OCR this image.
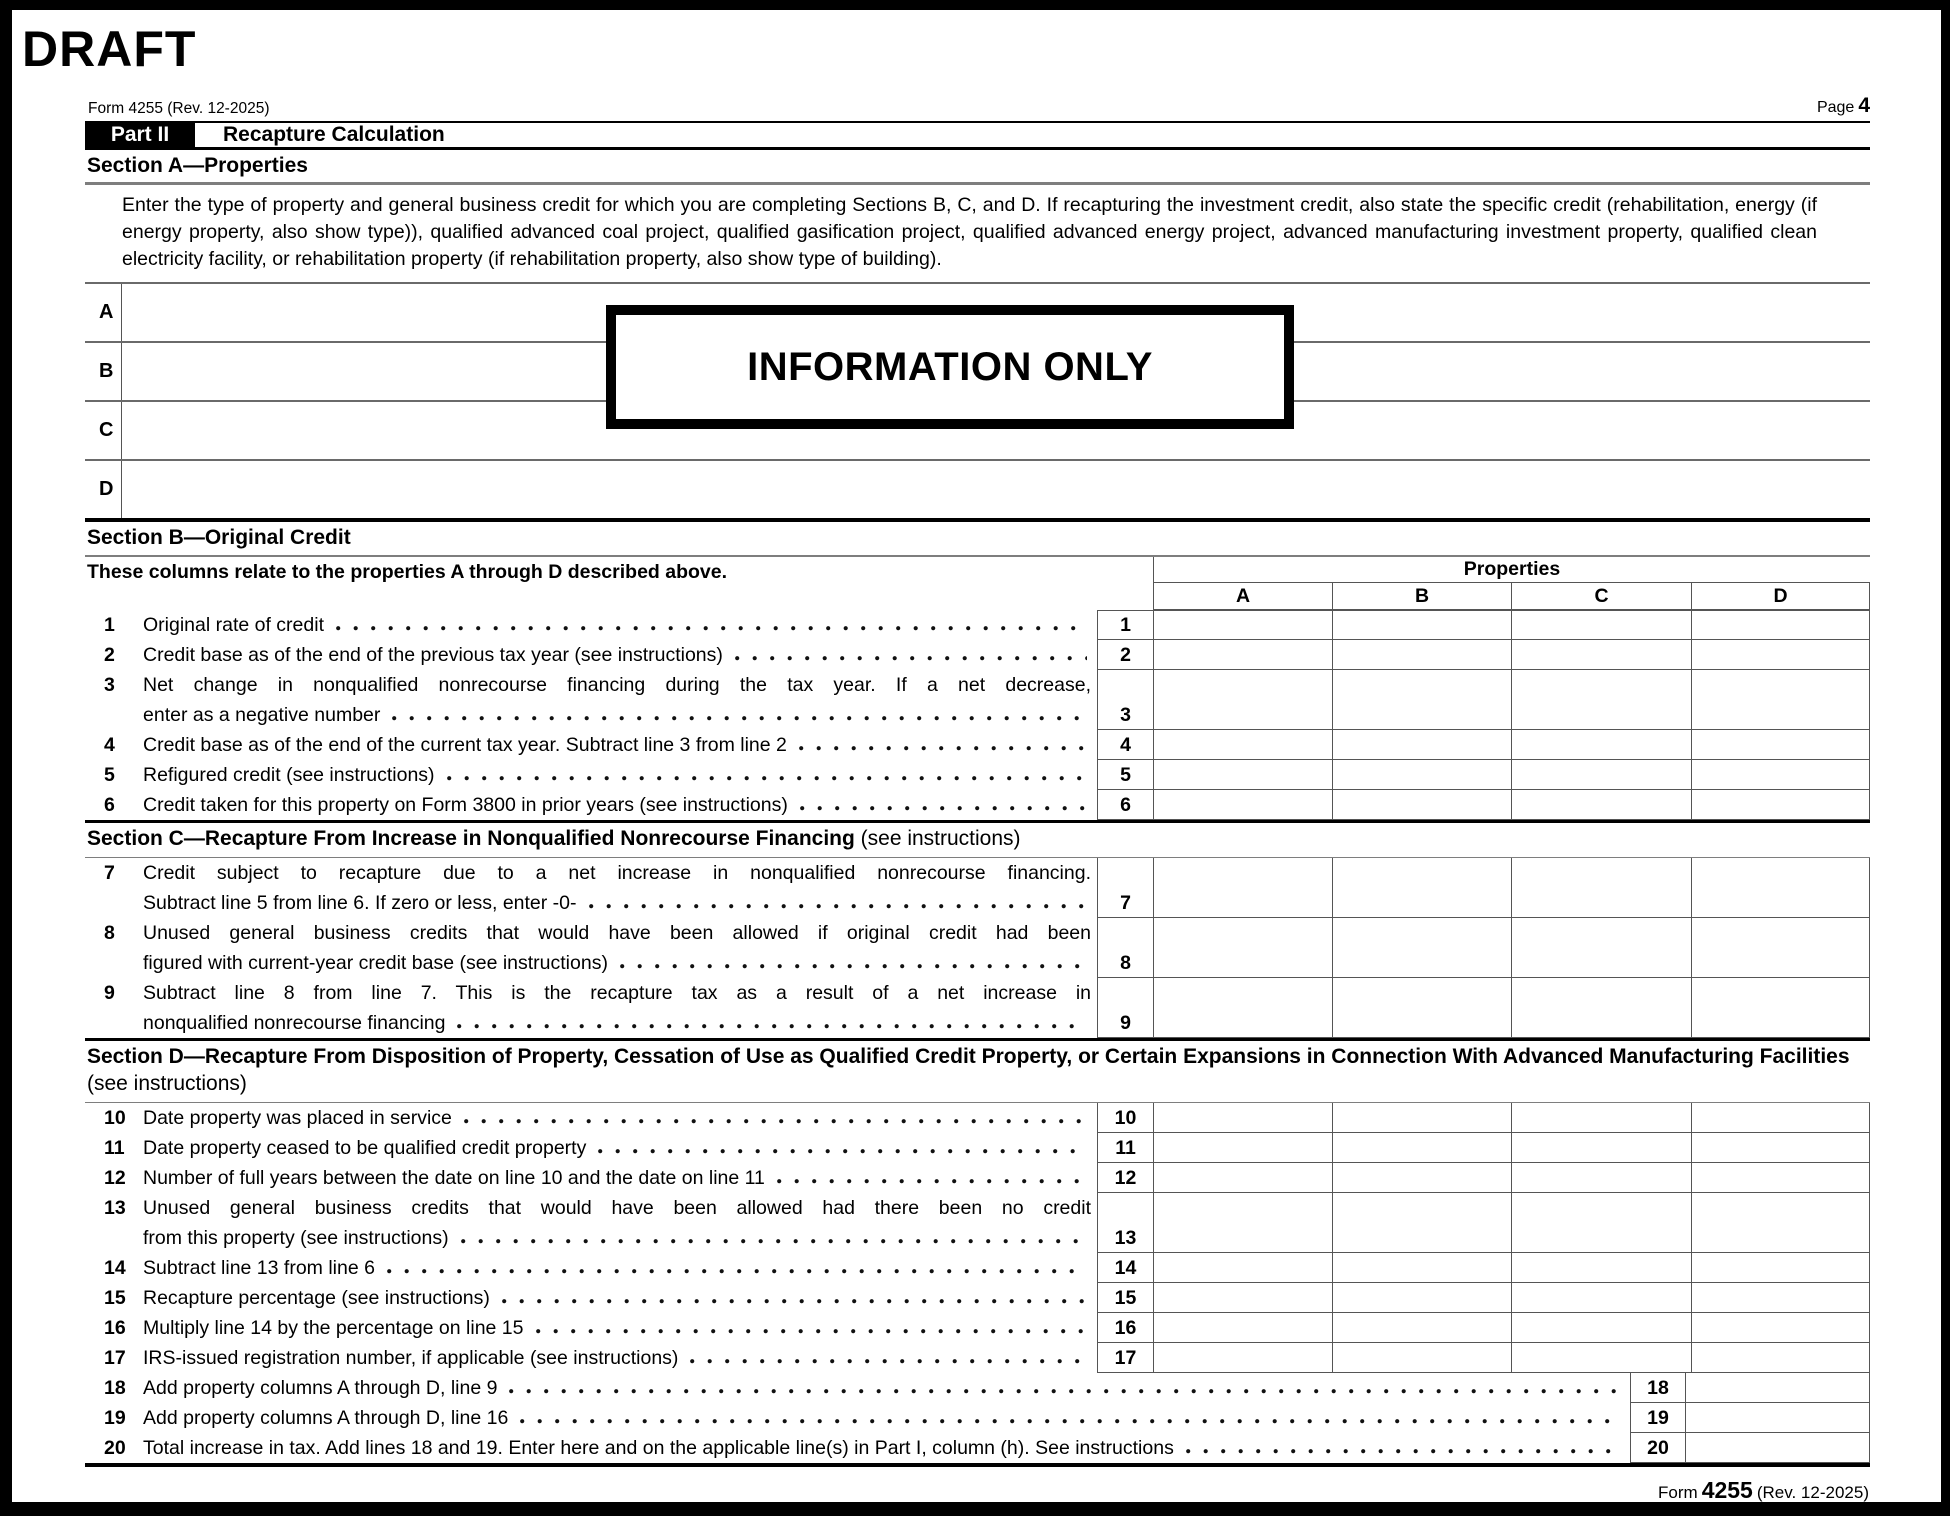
DRAFT
INFORMATION ONLY
Form 4255 (Rev. 12-2025)	Page 4
Part II	Recapture Calculation
Section A—Properties
Enter the type of property and general business credit for which you are completing Sections B, C, and D. If recapturing the investment credit, also state the specific credit (rehabilitation, energy (if energy property, also show type)), qualified advanced coal project, qualified gasification project, qualified advanced energy project, advanced manufacturing investment property, qualified clean electricity facility, or rehabilitation property (if rehabilitation property, also show type of building).
A
B
C
D
Section B—Original Credit
These columns relate to the properties A through D described above.	Properties
A	B	C	D
1	Original rate of credit	1
2	Credit base as of the end of the previous tax year (see instructions)	2
3	Net change in nonqualified nonrecourse financing during the tax year. If a net decrease,
enter as a negative number	3
4	Credit base as of the end of the current tax year. Subtract line 3 from line 2	4
5	Refigured credit (see instructions)	5
6	Credit taken for this property on Form 3800 in prior years (see instructions)	6
Section C—Recapture From Increase in Nonqualified Nonrecourse Financing (see instructions)
7	Credit subject to recapture due to a net increase in nonqualified nonrecourse financing.
Subtract line 5 from line 6. If zero or less, enter -0-	7
8	Unused general business credits that would have been allowed if original credit had been
figured with current-year credit base (see instructions)	8
9	Subtract line 8 from line 7. This is the recapture tax as a result of a net increase in
nonqualified nonrecourse financing	9
Section D—Recapture From Disposition of Property, Cessation of Use as Qualified Credit Property, or Certain Expansions in Connection With Advanced Manufacturing Facilities (see instructions)
10 Date property was placed in service	10
11 Date property ceased to be qualified credit property	11
12 Number of full years between the date on line 10 and the date on line 11	12
13 Unused general business credits that would have been allowed had there been no credit
from this property (see instructions)	13
14 Subtract line 13 from line 6	14
15 Recapture percentage (see instructions)	15
16 Multiply line 14 by the percentage on line 15	16
17 IRS-issued registration number, if applicable (see instructions)	17
18 Add property columns A through D, line 9	18
19 Add property columns A through D, line 16	19
20 Total increase in tax. Add lines 18 and 19. Enter here and on the applicable line(s) in Part I, column (h). See instructions	20
Form 4255 (Rev. 12-2025)
